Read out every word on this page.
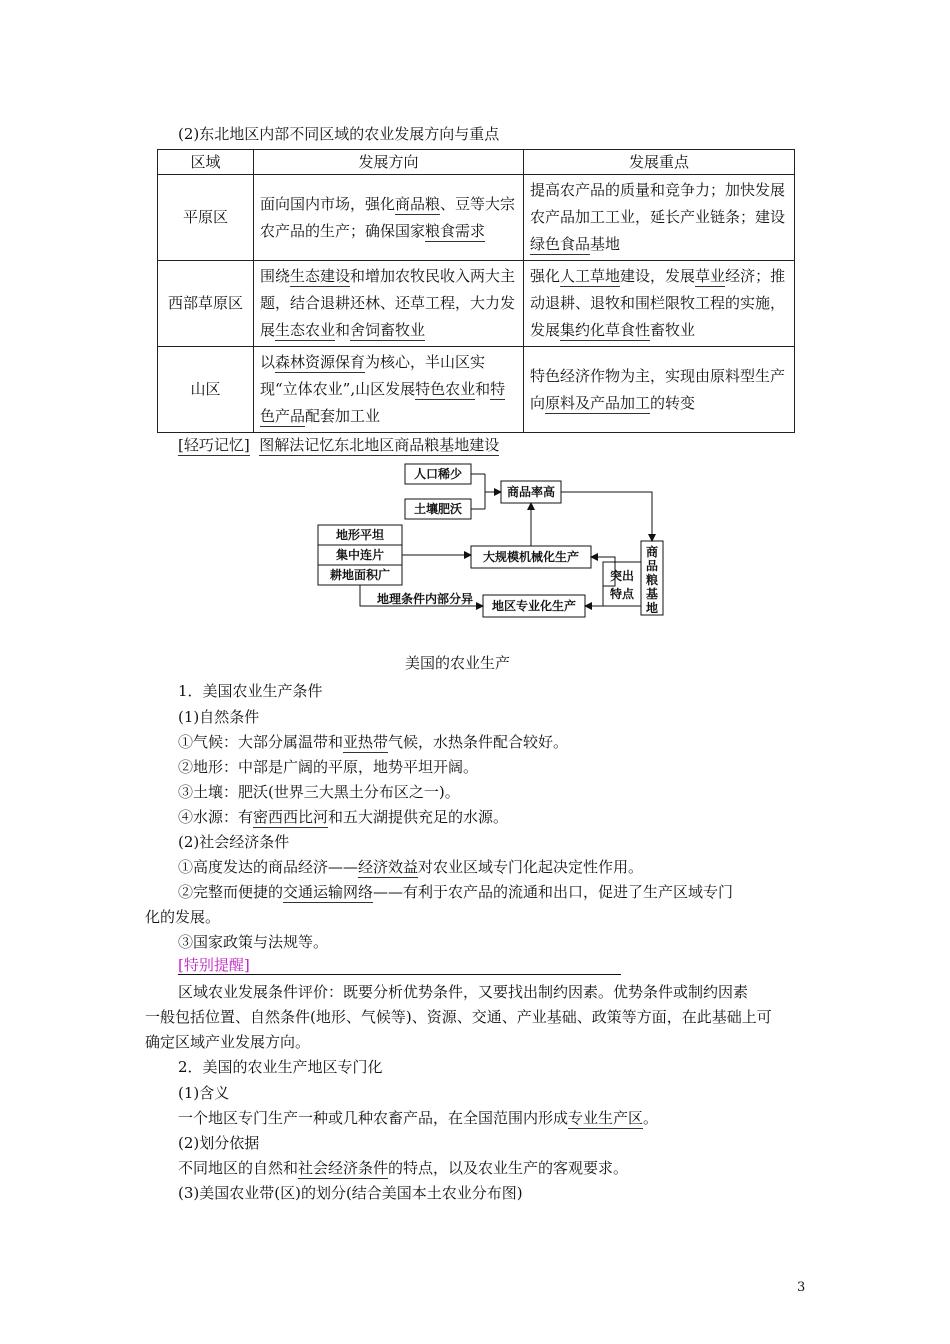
(2)东北地区内部不同区域的农业发展方向与重点
区域	发展方向	发展重点
平原区	面向国内市场，强化商品粮、豆等大宗农产品的生产；确保国家粮食需求	提高农产品的质量和竞争力；加快发展农产品加工工业，延长产业链条；建设绿色食品基地
西部草原区	围绕生态建设和增加农牧民收入两大主题，结合退耕还林、还草工程，大力发展生态农业和舍饲畜牧业	强化人工草地建设，发展草业经济；推动退耕、退牧和围栏限牧工程的实施，发展集约化草食性畜牧业
山区	以森林资源保育为核心，半山区实现“立体农业”,山区发展特色农业和特色产品配套加工业	特色经济作物为主，实现由原料型生产向原料及产品加工的转变
[轻巧记忆] 图解法记忆东北地区商品粮基地建设
人口稀少
土壤肥沃
商品率高
地形平坦
集中连片
耕地面积广
大规模机械化生产
地理条件内部分异 地区专业化生产
突出
特点
商
品
粮
基
地
美国的农业生产
1．美国农业生产条件
(1)自然条件
①气候：大部分属温带和亚热带气候，水热条件配合较好。
②地形：中部是广阔的平原，地势平坦开阔。
③土壤：肥沃(世界三大黑土分布区之一)。
④水源：有密西西比河和五大湖提供充足的水源。
(2)社会经济条件
①高度发达的商品经济——经济效益对农业区域专门化起决定性作用。
②完整而便捷的交通运输网络——有利于农产品的流通和出口，促进了生产区域专门
化的发展。
③国家政策与法规等。
[特别提醒]
区域农业发展条件评价：既要分析优势条件，又要找出制约因素。优势条件或制约因素
一般包括位置、自然条件(地形、气候等)、资源、交通、产业基础、政策等方面，在此基础上可
确定区域产业发展方向。
2．美国的农业生产地区专门化
(1)含义
一个地区专门生产一种或几种农畜产品，在全国范围内形成专业生产区。
(2)划分依据
不同地区的自然和社会经济条件的特点，以及农业生产的客观要求。
(3)美国农业带(区)的划分(结合美国本土农业分布图)
3
